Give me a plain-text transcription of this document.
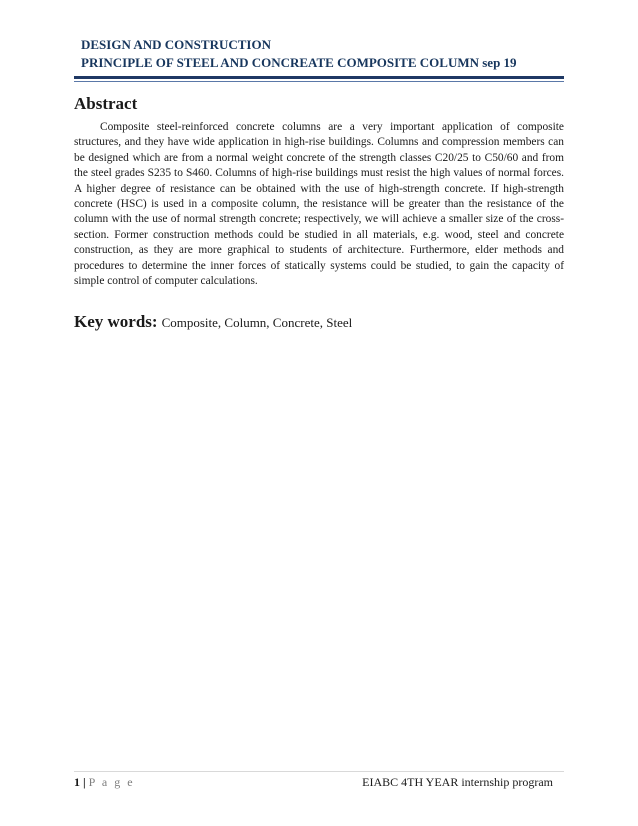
DESIGN AND CONSTRUCTION
PRINCIPLE OF STEEL AND CONCREATE COMPOSITE COLUMN sep 19
Abstract

Composite steel-reinforced concrete columns are a very important application of composite structures, and they have wide application in high-rise buildings. Columns and compression members can be designed which are from a normal weight concrete of the strength classes C20/25 to C50/60 and from the steel grades S235 to S460. Columns of high-rise buildings must resist the high values of normal forces. A higher degree of resistance can be obtained with the use of high-strength concrete. If high-strength concrete (HSC) is used in a composite column, the resistance will be greater than the resistance of the column with the use of normal strength concrete; respectively, we will achieve a smaller size of the cross-section. Former construction methods could be studied in all materials, e.g. wood, steel and concrete construction, as they are more graphical to students of architecture. Furthermore, elder methods and procedures to determine the inner forces of statically systems could be studied, to gain the capacity of simple control of computer calculations.

Key words: Composite, Column, Concrete, Steel
1 | P a g e	EIABC 4TH YEAR internship program
